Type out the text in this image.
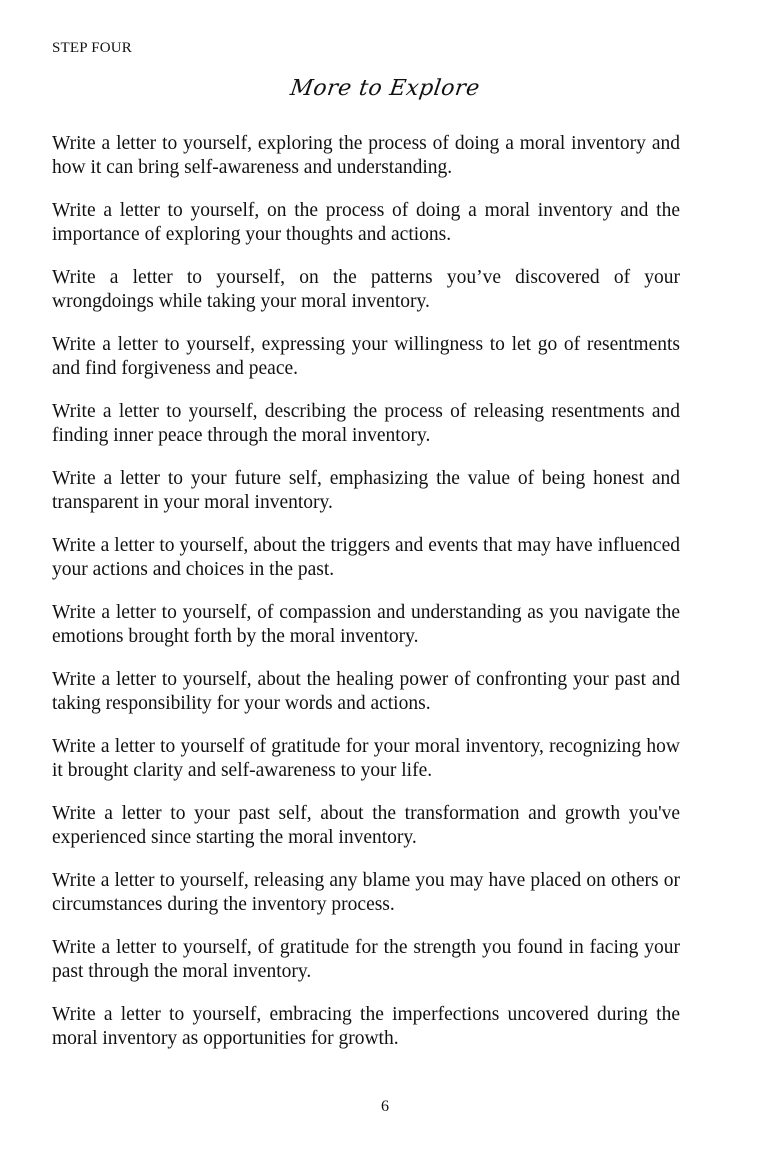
STEP FOUR
More to Explore

Write a letter to yourself, exploring the process of doing a moral inventory and how it can bring self-awareness and understanding.

Write a letter to yourself, on the process of doing a moral inventory and the importance of exploring your thoughts and actions.

Write a letter to yourself, on the patterns you’ve discovered of your wrongdoings while taking your moral inventory.

Write a letter to yourself, expressing your willingness to let go of resentments and find forgiveness and peace.

Write a letter to yourself, describing the process of releasing resentments and finding inner peace through the moral inventory.

Write a letter to your future self, emphasizing the value of being honest and transparent in your moral inventory.

Write a letter to yourself, about the triggers and events that may have influenced your actions and choices in the past.

Write a letter to yourself, of compassion and understanding as you navigate the emotions brought forth by the moral inventory.

Write a letter to yourself, about the healing power of confronting your past and taking responsibility for your words and actions.

Write a letter to yourself of gratitude for your moral inventory, recognizing how it brought clarity and self-awareness to your life.

Write a letter to your past self, about the transformation and growth you've experienced since starting the moral inventory.

Write a letter to yourself, releasing any blame you may have placed on others or circumstances during the inventory process.

Write a letter to yourself, of gratitude for the strength you found in facing your past through the moral inventory.

Write a letter to yourself, embracing the imperfections uncovered during the moral inventory as opportunities for growth.

6
